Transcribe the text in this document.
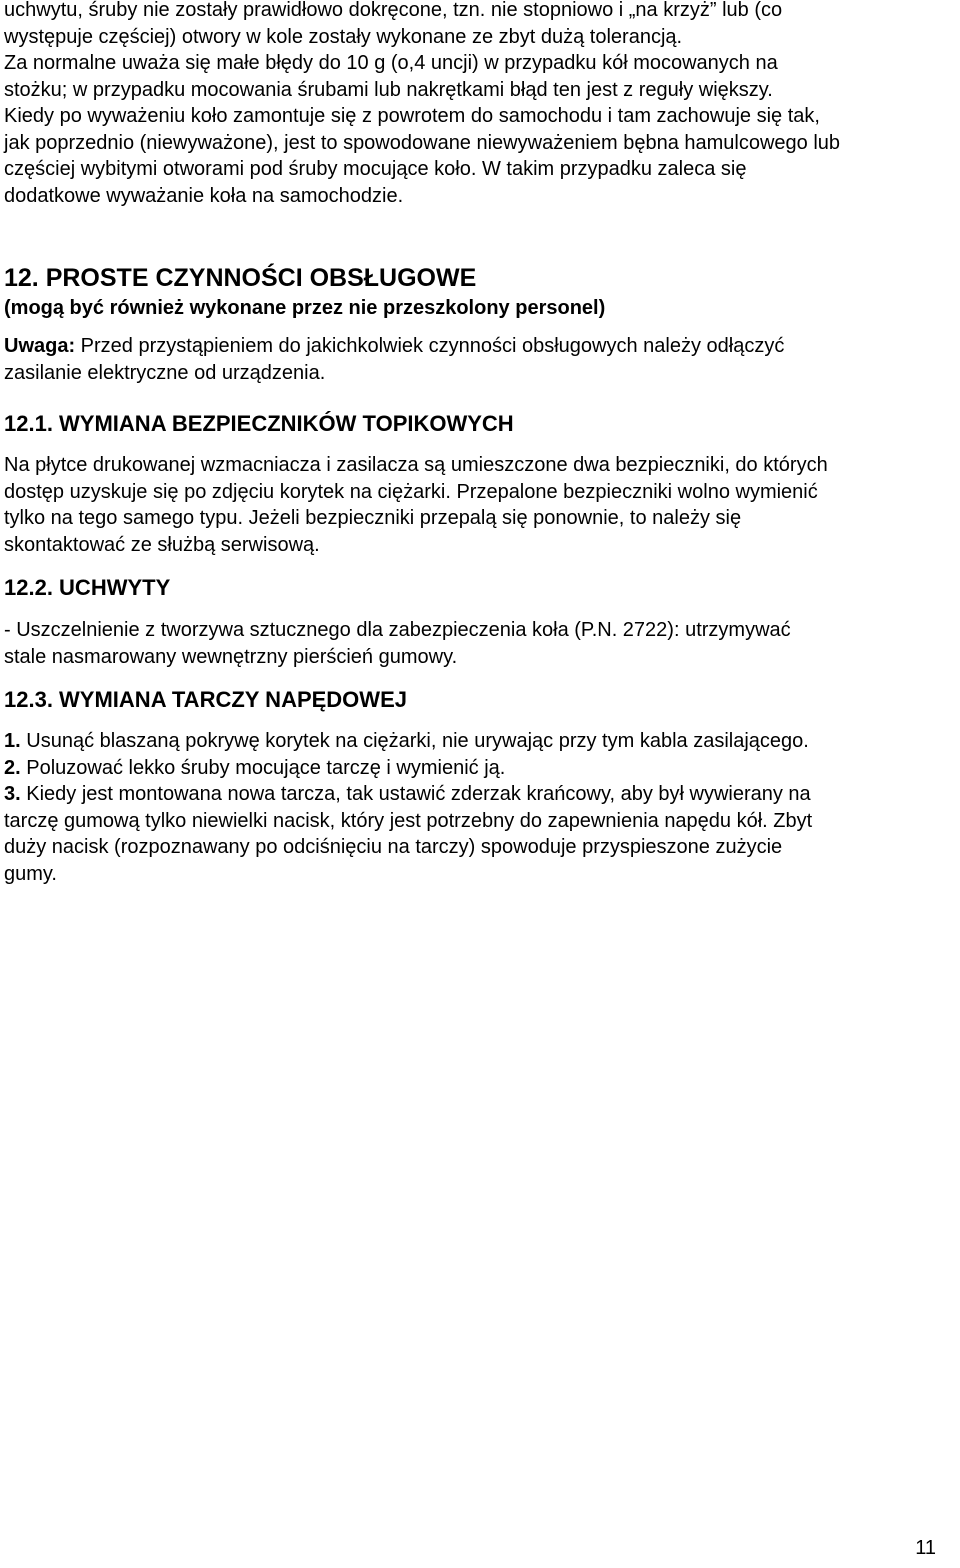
uchwytu, śruby nie zostały prawidłowo dokręcone, tzn. nie stopniowo i „na krzyż” lub (co
występuje częściej) otwory w kole zostały wykonane ze zbyt dużą tolerancją.
Za normalne uważa się małe błędy do 10 g (o,4 uncji) w przypadku kół mocowanych na
stożku; w przypadku mocowania śrubami lub nakrętkami błąd ten jest z reguły większy.
Kiedy po wyważeniu koło zamontuje się z powrotem do samochodu i tam zachowuje się tak,
jak poprzednio (niewyważone), jest to spowodowane niewyważeniem bębna hamulcowego lub
częściej wybitymi otworami pod śruby mocujące koło. W takim przypadku zaleca się
dodatkowe wyważanie koła na samochodzie.
12. PROSTE CZYNNOŚCI OBSŁUGOWE
(mogą być również wykonane przez nie przeszkolony personel)
Uwaga: Przed przystąpieniem do jakichkolwiek czynności obsługowych należy odłączyć
zasilanie elektryczne od urządzenia.
12.1. WYMIANA BEZPIECZNIKÓW TOPIKOWYCH
Na płytce drukowanej wzmacniacza i zasilacza są umieszczone dwa bezpieczniki, do których
dostęp uzyskuje się po zdjęciu korytek na ciężarki. Przepalone bezpieczniki wolno wymienić
tylko na tego samego typu. Jeżeli bezpieczniki przepalą się ponownie, to należy się
skontaktować ze służbą serwisową.
12.2. UCHWYTY
- Uszczelnienie z tworzywa sztucznego dla zabezpieczenia koła (P.N. 2722): utrzymywać
stale nasmarowany wewnętrzny pierścień gumowy.
12.3. WYMIANA TARCZY NAPĘDOWEJ
1. Usunąć blaszaną pokrywę korytek na ciężarki, nie urywając przy tym kabla zasilającego.
2. Poluzować lekko śruby mocujące tarczę i wymienić ją.
3. Kiedy jest montowana nowa tarcza, tak ustawić zderzak krańcowy, aby był wywierany na
tarczę gumową tylko niewielki nacisk, który jest potrzebny do zapewnienia napędu kół. Zbyt
duży nacisk (rozpoznawany po odciśnięciu na tarczy) spowoduje przyspieszone zużycie
gumy.
11
